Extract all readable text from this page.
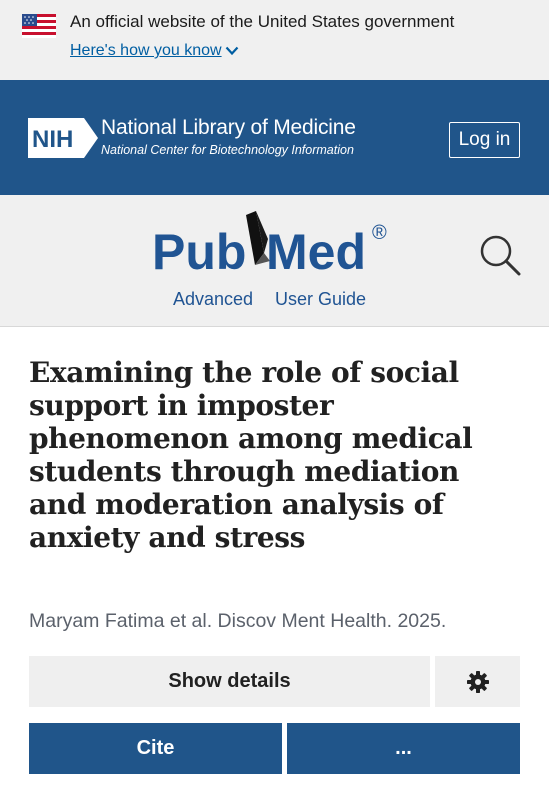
An official website of the United States government
Here's how you know
NIH National Library of Medicine
National Center for Biotechnology Information	Log in
Pub Med ®
Advanced User Guide
Examining the role of social support in imposter phenomenon among medical students through mediation and moderation analysis of anxiety and stress
Maryam Fatima et al. Discov Ment Health. 2025.
Show details
Cite	...
